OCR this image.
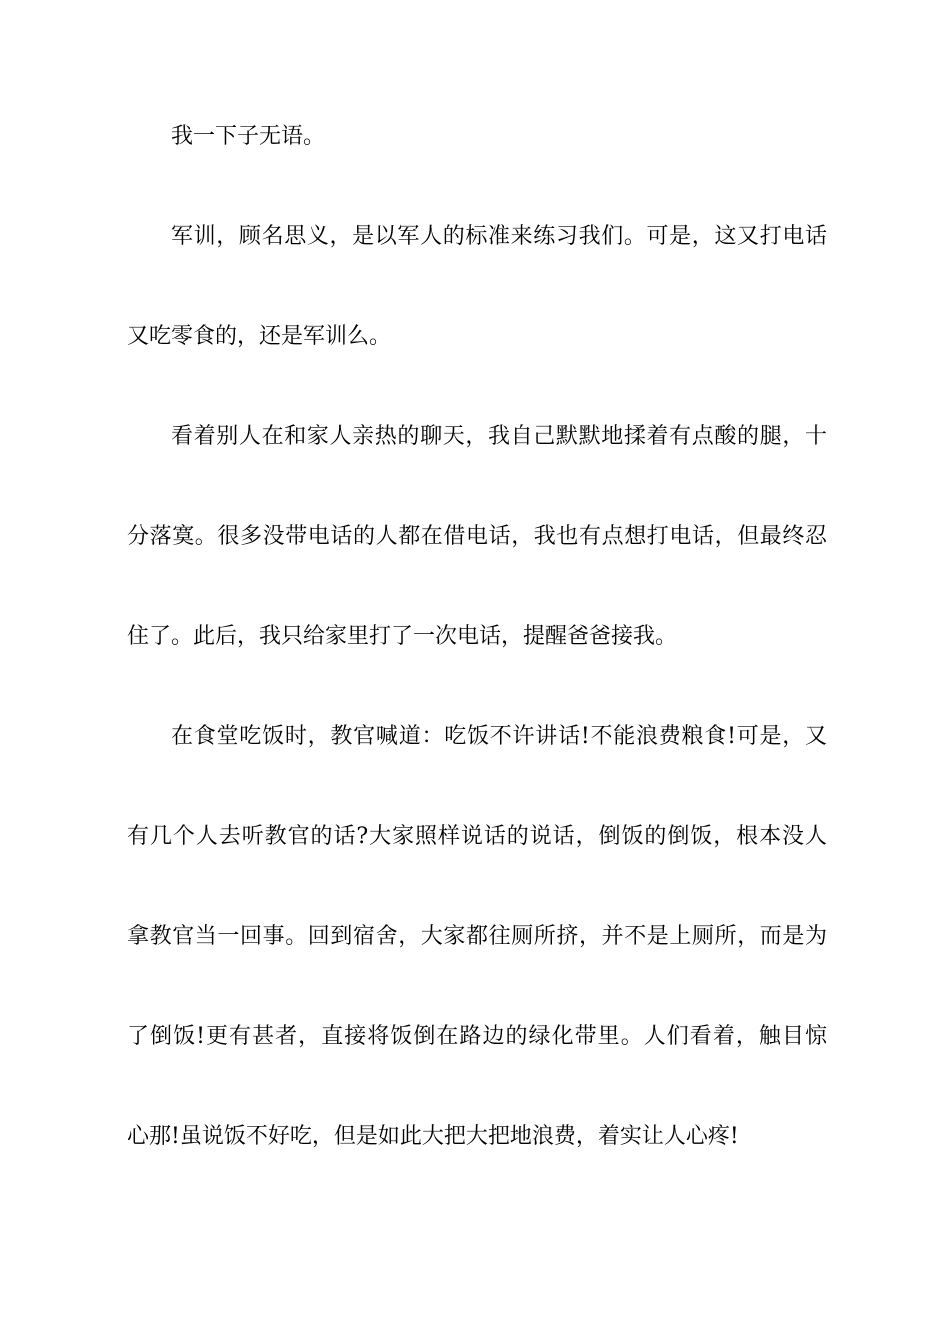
我一下子无语。
军训，顾名思义，是以军人的标准来练习我们。可是，这又打电话
又吃零食的，还是军训么。
看着别人在和家人亲热的聊天，我自己默默地揉着有点酸的腿，十
分落寞。很多没带电话的人都在借电话，我也有点想打电话，但最终忍
住了。此后，我只给家里打了一次电话，提醒爸爸接我。
在食堂吃饭时，教官喊道：吃饭不许讲话!不能浪费粮食!可是，又
有几个人去听教官的话?大家照样说话的说话，倒饭的倒饭，根本没人
拿教官当一回事。回到宿舍，大家都往厕所挤，并不是上厕所，而是为
了倒饭!更有甚者，直接将饭倒在路边的绿化带里。人们看着，触目惊
心那!虽说饭不好吃，但是如此大把大把地浪费，着实让人心疼!
